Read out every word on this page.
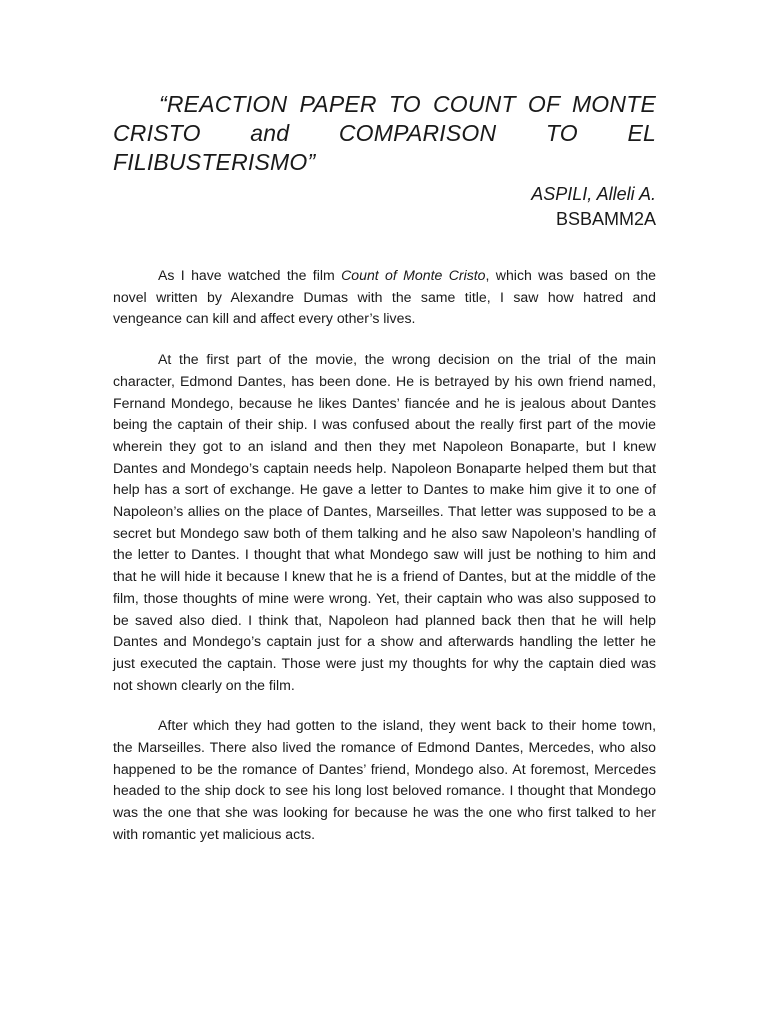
“REACTION PAPER TO COUNT OF MONTE CRISTO and COMPARISON TO EL FILIBUSTERISMO”
ASPILI, Alleli A.
BSBAMM2A

As I have watched the film Count of Monte Cristo, which was based on the novel written by Alexandre Dumas with the same title, I saw how hatred and vengeance can kill and affect every other’s lives.

At the first part of the movie, the wrong decision on the trial of the main character, Edmond Dantes, has been done. He is betrayed by his own friend named, Fernand Mondego, because he likes Dantes’ fiancée and he is jealous about Dantes being the captain of their ship. I was confused about the really first part of the movie wherein they got to an island and then they met Napoleon Bonaparte, but I knew Dantes and Mondego’s captain needs help. Napoleon Bonaparte helped them but that help has a sort of exchange. He gave a letter to Dantes to make him give it to one of Napoleon’s allies on the place of Dantes, Marseilles. That letter was supposed to be a secret but Mondego saw both of them talking and he also saw Napoleon’s handling of the letter to Dantes. I thought that what Mondego saw will just be nothing to him and that he will hide it because I knew that he is a friend of Dantes, but at the middle of the film, those thoughts of mine were wrong. Yet, their captain who was also supposed to be saved also died. I think that, Napoleon had planned back then that he will help Dantes and Mondego’s captain just for a show and afterwards handling the letter he just executed the captain. Those were just my thoughts for why the captain died was not shown clearly on the film.

After which they had gotten to the island, they went back to their home town, the Marseilles. There also lived the romance of Edmond Dantes, Mercedes, who also happened to be the romance of Dantes’ friend, Mondego also. At foremost, Mercedes headed to the ship dock to see his long lost beloved romance. I thought that Mondego was the one that she was looking for because he was the one who first talked to her with romantic yet malicious acts.
